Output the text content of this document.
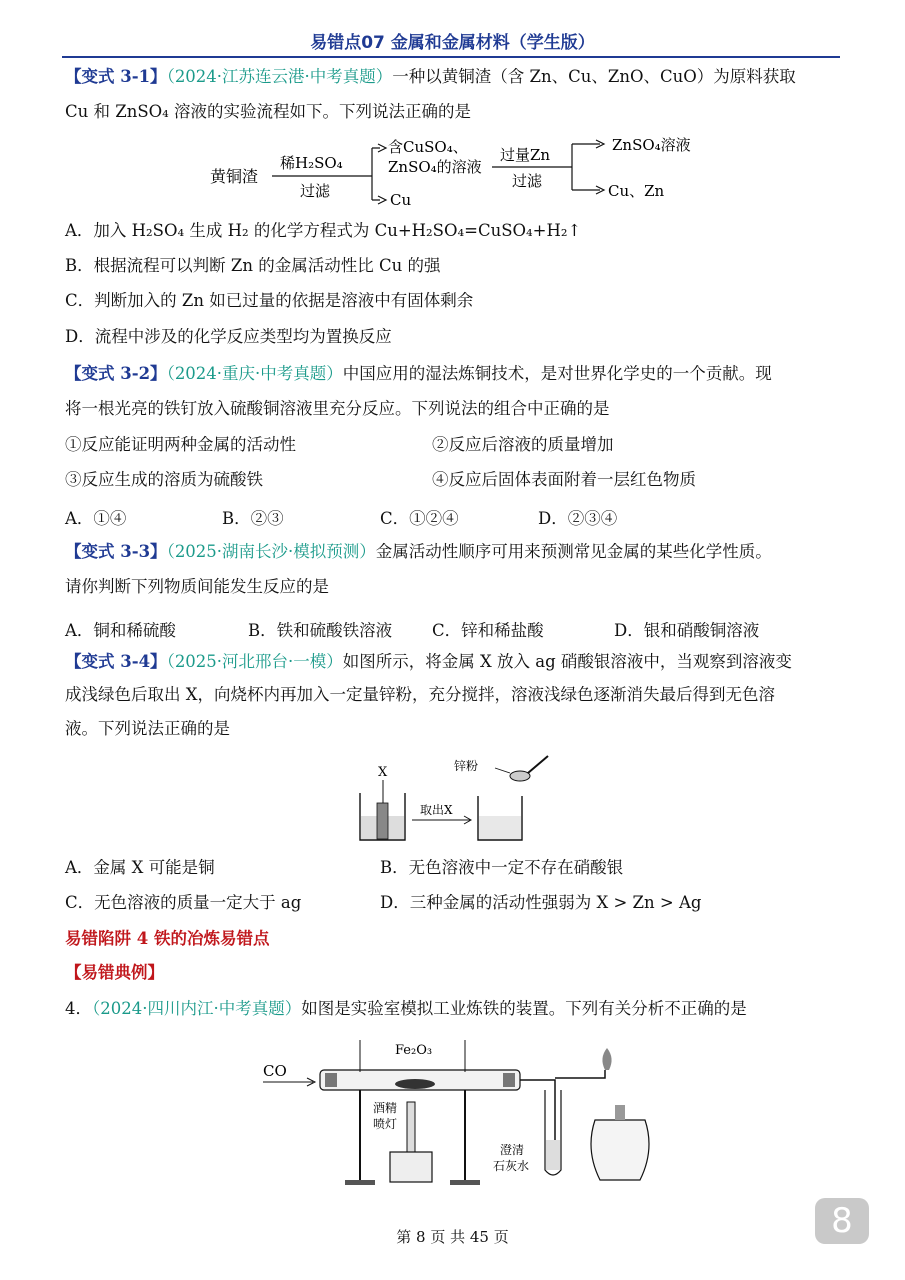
易错点07 金属和金属材料（学生版）
【变式 3-1】（2024·江苏连云港·中考真题）一种以黄铜渣（含 Zn、Cu、ZnO、CuO）为原料获取
Cu 和 ZnSO₄ 溶液的实验流程如下。下列说法正确的是
黄铜渣
稀H₂SO₄
过滤
含CuSO₄、
ZnSO₄的溶液
Cu
过量Zn
过滤
ZnSO₄溶液
Cu、Zn
A．加入 H₂SO₄ 生成 H₂ 的化学方程式为 Cu+H₂SO₄=CuSO₄+H₂↑
B．根据流程可以判断 Zn 的金属活动性比 Cu 的强
C．判断加入的 Zn 如已过量的依据是溶液中有固体剩余
D．流程中涉及的化学反应类型均为置换反应
【变式 3-2】（2024·重庆·中考真题）中国应用的湿法炼铜技术，是对世界化学史的一个贡献。现
将一根光亮的铁钉放入硫酸铜溶液里充分反应。下列说法的组合中正确的是
①反应能证明两种金属的活动性	②反应后溶液的质量增加
③反应生成的溶质为硫酸铁	④反应后固体表面附着一层红色物质
A．①④	B．②③	C．①②④	D．②③④
【变式 3-3】（2025·湖南长沙·模拟预测）金属活动性顺序可用来预测常见金属的某些化学性质。
请你判断下列物质间能发生反应的是
A．铜和稀硫酸	B．铁和硫酸铁溶液 C．锌和稀盐酸	D．银和硝酸铜溶液
【变式 3-4】（2025·河北邢台·一模）如图所示，将金属 X 放入 ag 硝酸银溶液中，当观察到溶液变
成浅绿色后取出 X，向烧杯内再加入一定量锌粉，充分搅拌，溶液浅绿色逐渐消失最后得到无色溶
液。下列说法正确的是
X
取出X
锌粉
A．金属 X 可能是铜	B．无色溶液中一定不存在硝酸银
C．无色溶液的质量一定大于 ag	D．三种金属的活动性强弱为 X > Zn > Ag
易错陷阱 4 铁的冶炼易错点
【易错典例】
4．（2024·四川内江·中考真题）如图是实验室模拟工业炼铁的装置。下列有关分析不正确的是
CO
Fe₂O₃
酒精
喷灯
澄清
石灰水
第 8 页 共 45 页	8
